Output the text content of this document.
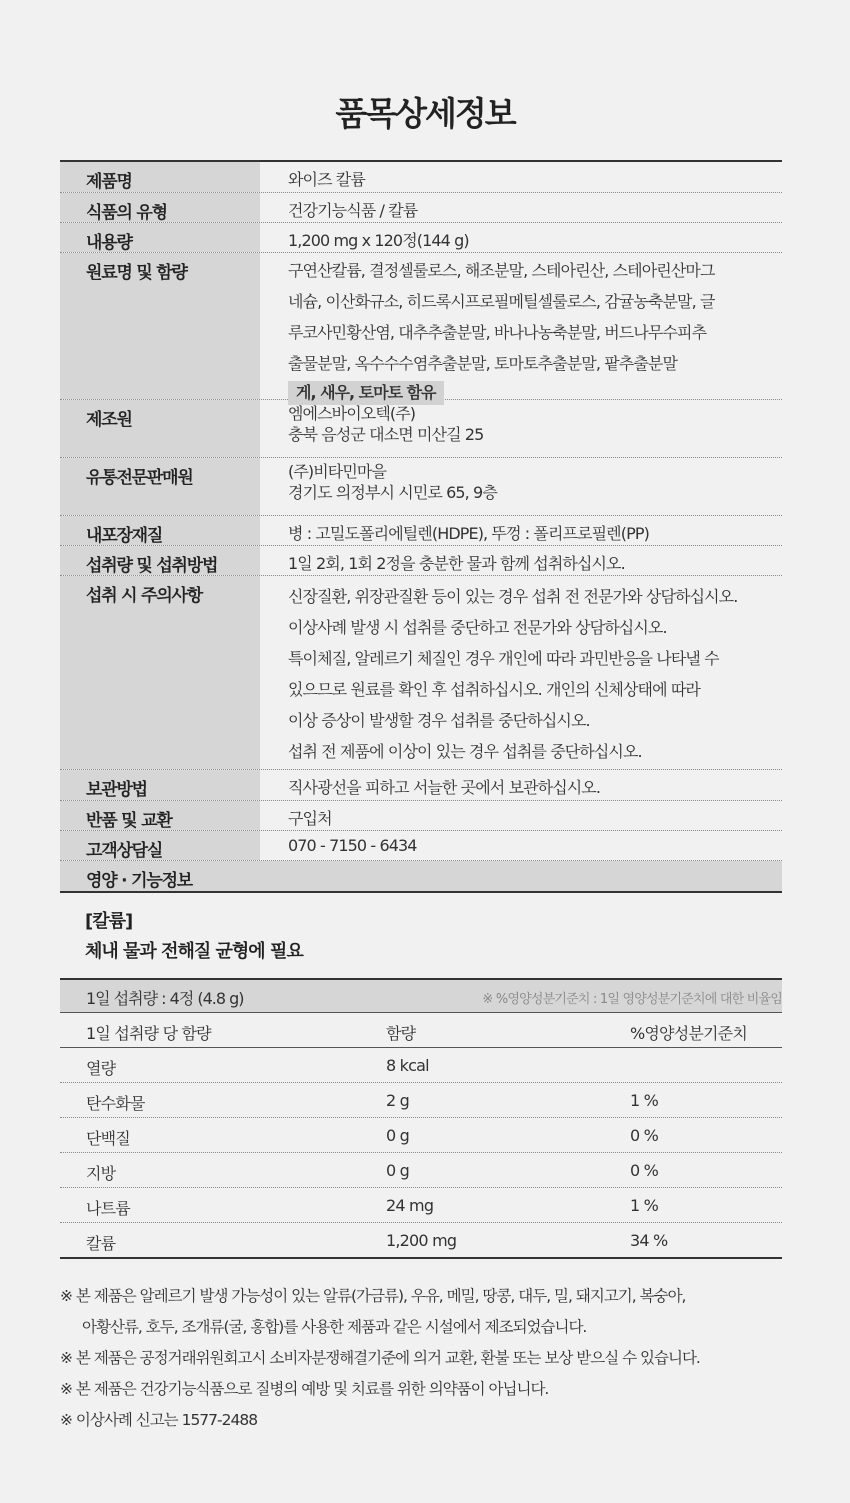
품목상세정보
제품명	와이즈 칼륨
식품의 유형	건강기능식품 / 칼륨
내용량	1,200 mg x 120정(144 g)
원료명 및 함량	구연산칼륨, 결정셀룰로스, 해조분말, 스테아린산, 스테아린산마그
네슘, 이산화규소, 히드록시프로필메틸셀룰로스, 감귤농축분말, 글
루코사민황산염, 대추추출분말, 바나나농축분말, 버드나무수피추
출물분말, 옥수수수염추출분말, 토마토추출분말, 팥추출분말
게, 새우, 토마토 함유
제조원	엠에스바이오텍(주)
충북 음성군 대소면 미산길 25
유통전문판매원	(주)비타민마을
경기도 의정부시 시민로 65, 9층
내포장재질	병 : 고밀도폴리에틸렌(HDPE), 뚜껑 : 폴리프로필렌(PP)
섭취량 및 섭취방법	1일 2회, 1회 2정을 충분한 물과 함께 섭취하십시오.
섭취 시 주의사항	신장질환, 위장관질환 등이 있는 경우 섭취 전 전문가와 상담하십시오.
이상사례 발생 시 섭취를 중단하고 전문가와 상담하십시오.
특이체질, 알레르기 체질인 경우 개인에 따라 과민반응을 나타낼 수
있으므로 원료를 확인 후 섭취하십시오. 개인의 신체상태에 따라
이상 증상이 발생할 경우 섭취를 중단하십시오.
섭취 전 제품에 이상이 있는 경우 섭취를 중단하십시오.
보관방법	직사광선을 피하고 서늘한 곳에서 보관하십시오.
반품 및 교환	구입처
고객상담실	070 - 7150 - 6434
영양 · 기능정보
[칼륨]
체내 물과 전해질 균형에 필요
1일 섭취량 : 4정 (4.8 g)	※ %영양성분기준치 : 1일 영양성분기준치에 대한 비율임
1일 섭취량 당 함량	함량	%영양성분기준치
열량	8 kcal
탄수화물	2 g	1 %
단백질	0 g	0 %
지방	0 g	0 %
나트륨	24 mg	1 %
칼륨	1,200 mg	34 %
※ 본 제품은 알레르기 발생 가능성이 있는 알류(가금류), 우유, 메밀, 땅콩, 대두, 밀, 돼지고기, 복숭아,
아황산류, 호두, 조개류(굴, 홍합)를 사용한 제품과 같은 시설에서 제조되었습니다.
※ 본 제품은 공정거래위원회고시 소비자분쟁해결기준에 의거 교환, 환불 또는 보상 받으실 수 있습니다.
※ 본 제품은 건강기능식품으로 질병의 예방 및 치료를 위한 의약품이 아닙니다.
※ 이상사례 신고는 1577-2488
